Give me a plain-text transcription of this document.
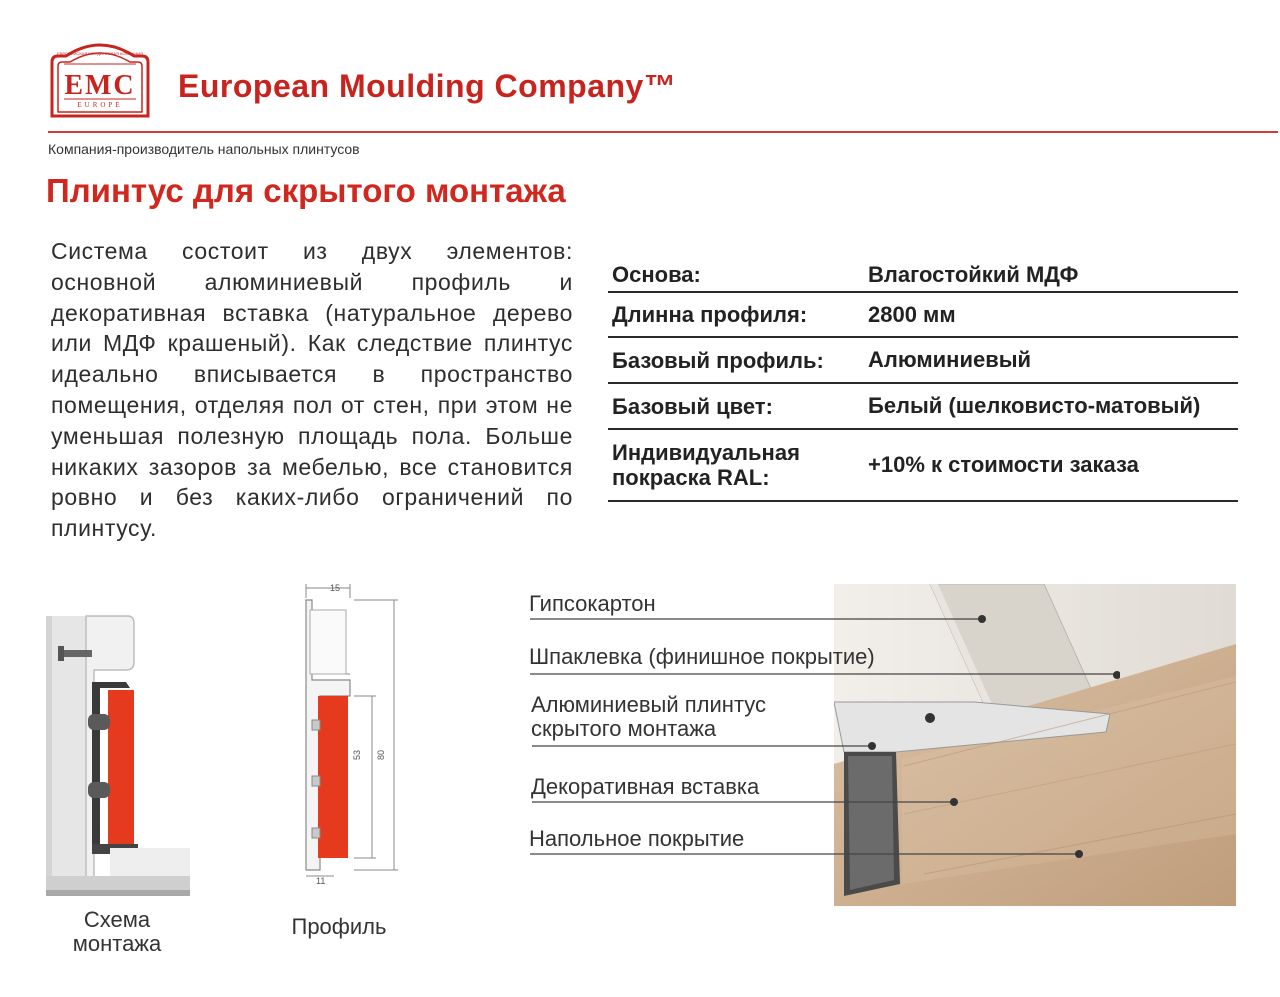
ЕВРОПЕЙСКАЯ МОЛДИНГОВАЯ КОМПАНИЯ
EMC
EUROPE
European Moulding Company™
Компания-производитель напольных плинтусов
Плинтус для скрытого монтажа
Система состоит из двух элементов: основной алюминиевый профиль и декоративная вставка (натуральное дерево или МДФ крашеный). Как следствие плинтус идеально вписывается в пространство помещения, отделяя пол от стен, при этом не уменьшая полезную площадь пола. Больше никаких зазоров за мебелью, все становится ровно и без каких-либо ограничений по плинтусу.
Основа:	Влагостойкий МДФ
Длинна профиля:	2800 мм
Базовый профиль:	Алюминиевый
Базовый цвет:	Белый (шелковисто-матовый)
Индивидуальная покраска RAL:
+10% к стоимости заказа
Схема монтажа
15
53 80
11
Профиль
Гипсокартон
Шпаклевка (финишное покрытие)
Алюминиевый плинтус скрытого монтажа
Декоративная вставка
Напольное покрытие
